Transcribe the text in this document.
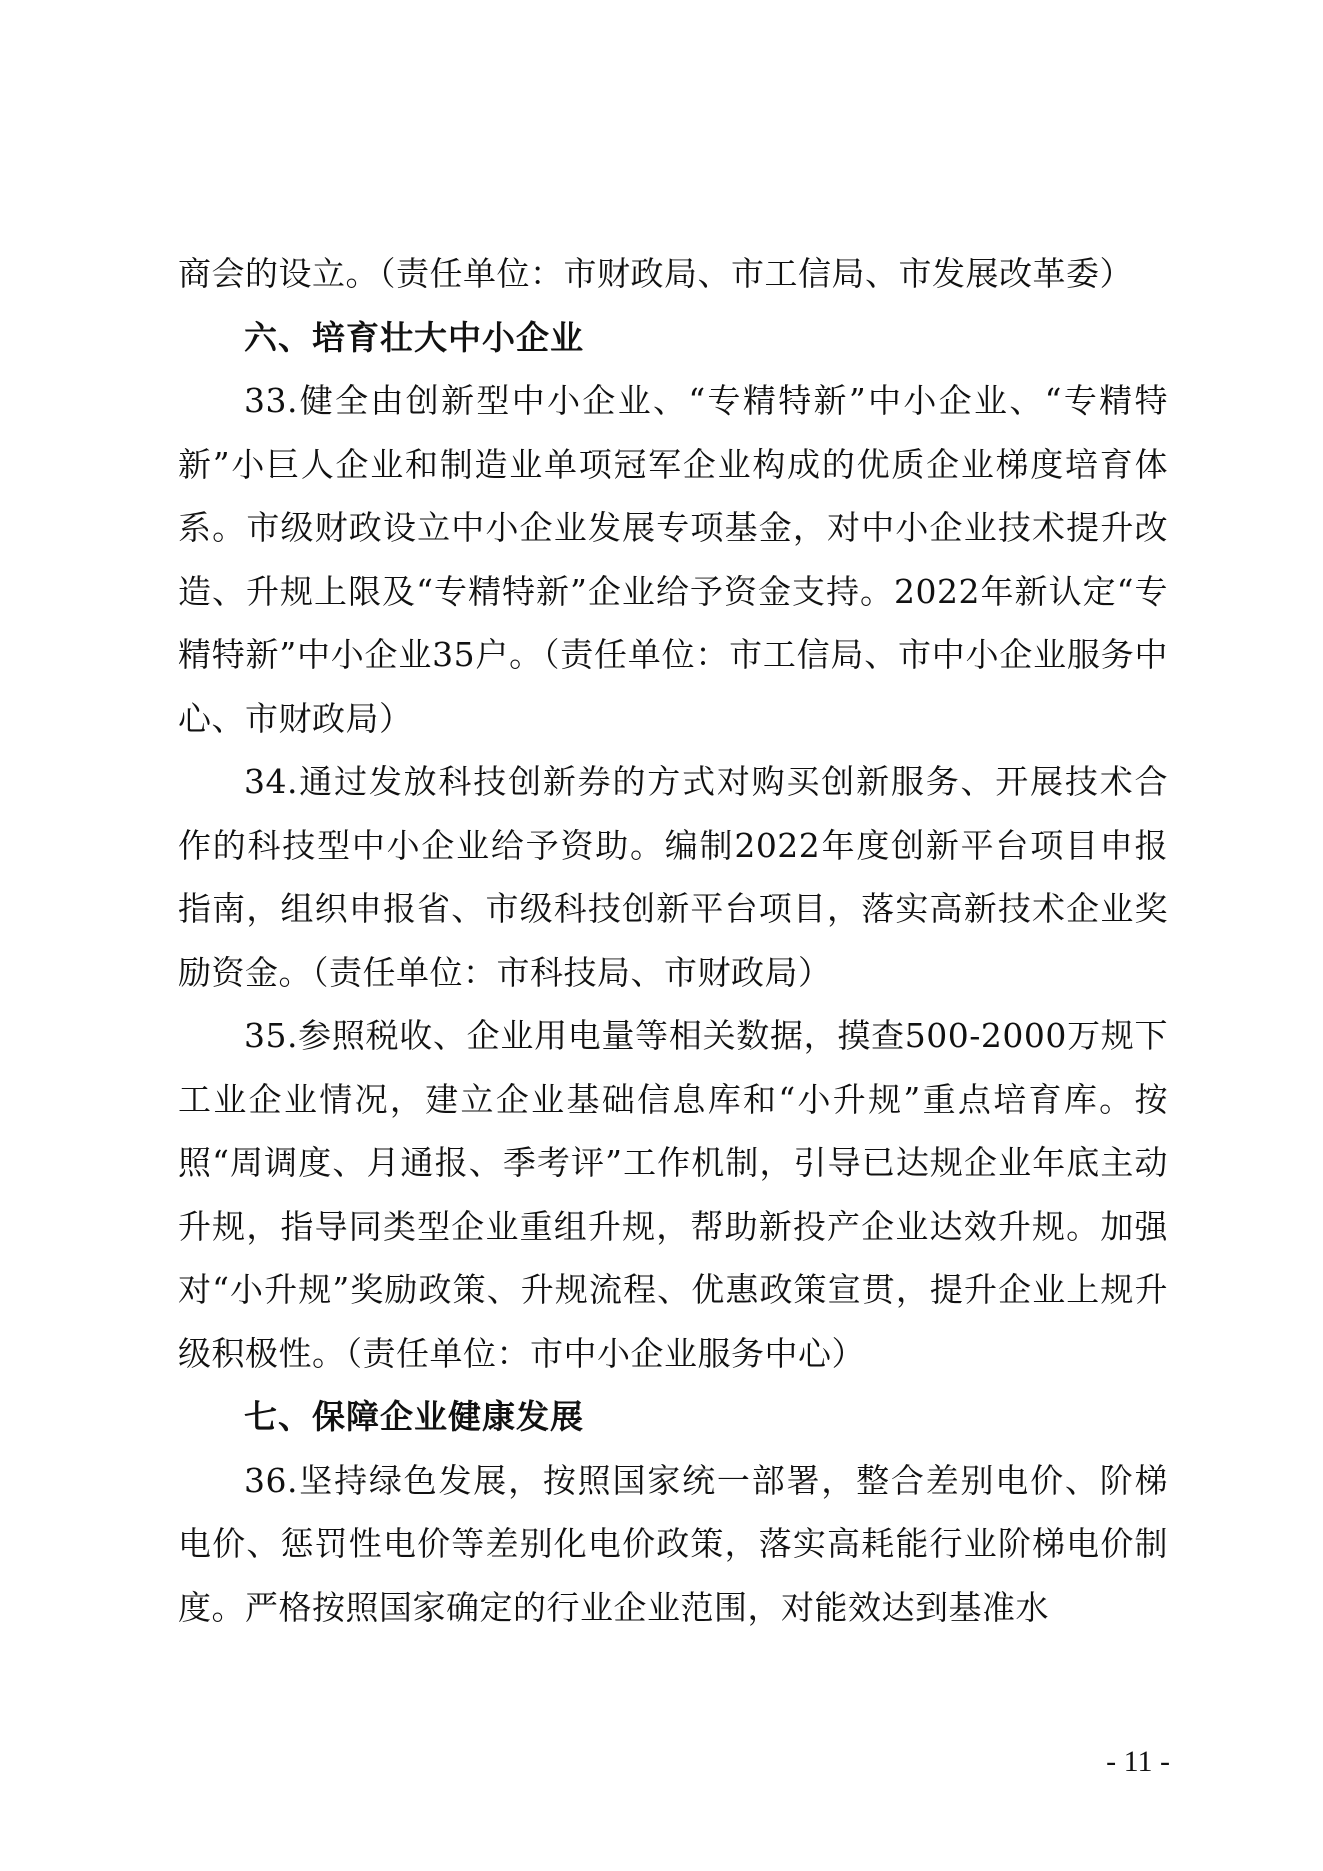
商会的设立。（责任单位：市财政局、市工信局、市发展改革委）

六、培育壮大中小企业

33.健全由创新型中小企业、“专精特新”中小企业、“专精特新”小巨人企业和制造业单项冠军企业构成的优质企业梯度培育体系。市级财政设立中小企业发展专项基金，对中小企业技术提升改造、升规上限及“专精特新”企业给予资金支持。2022年新认定“专精特新”中小企业35户。（责任单位：市工信局、市中小企业服务中心、市财政局）

34.通过发放科技创新券的方式对购买创新服务、开展技术合作的科技型中小企业给予资助。编制2022年度创新平台项目申报指南，组织申报省、市级科技创新平台项目，落实高新技术企业奖励资金。（责任单位：市科技局、市财政局）

35.参照税收、企业用电量等相关数据，摸查500-2000万规下工业企业情况，建立企业基础信息库和“小升规”重点培育库。按照“周调度、月通报、季考评”工作机制，引导已达规企业年底主动升规，指导同类型企业重组升规，帮助新投产企业达效升规。加强对“小升规”奖励政策、升规流程、优惠政策宣贯，提升企业上规升级积极性。（责任单位：市中小企业服务中心）

七、保障企业健康发展

36.坚持绿色发展，按照国家统一部署，整合差别电价、阶梯电价、惩罚性电价等差别化电价政策，落实高耗能行业阶梯电价制度。严格按照国家确定的行业企业范围，对能效达到基准水

- 11 -
